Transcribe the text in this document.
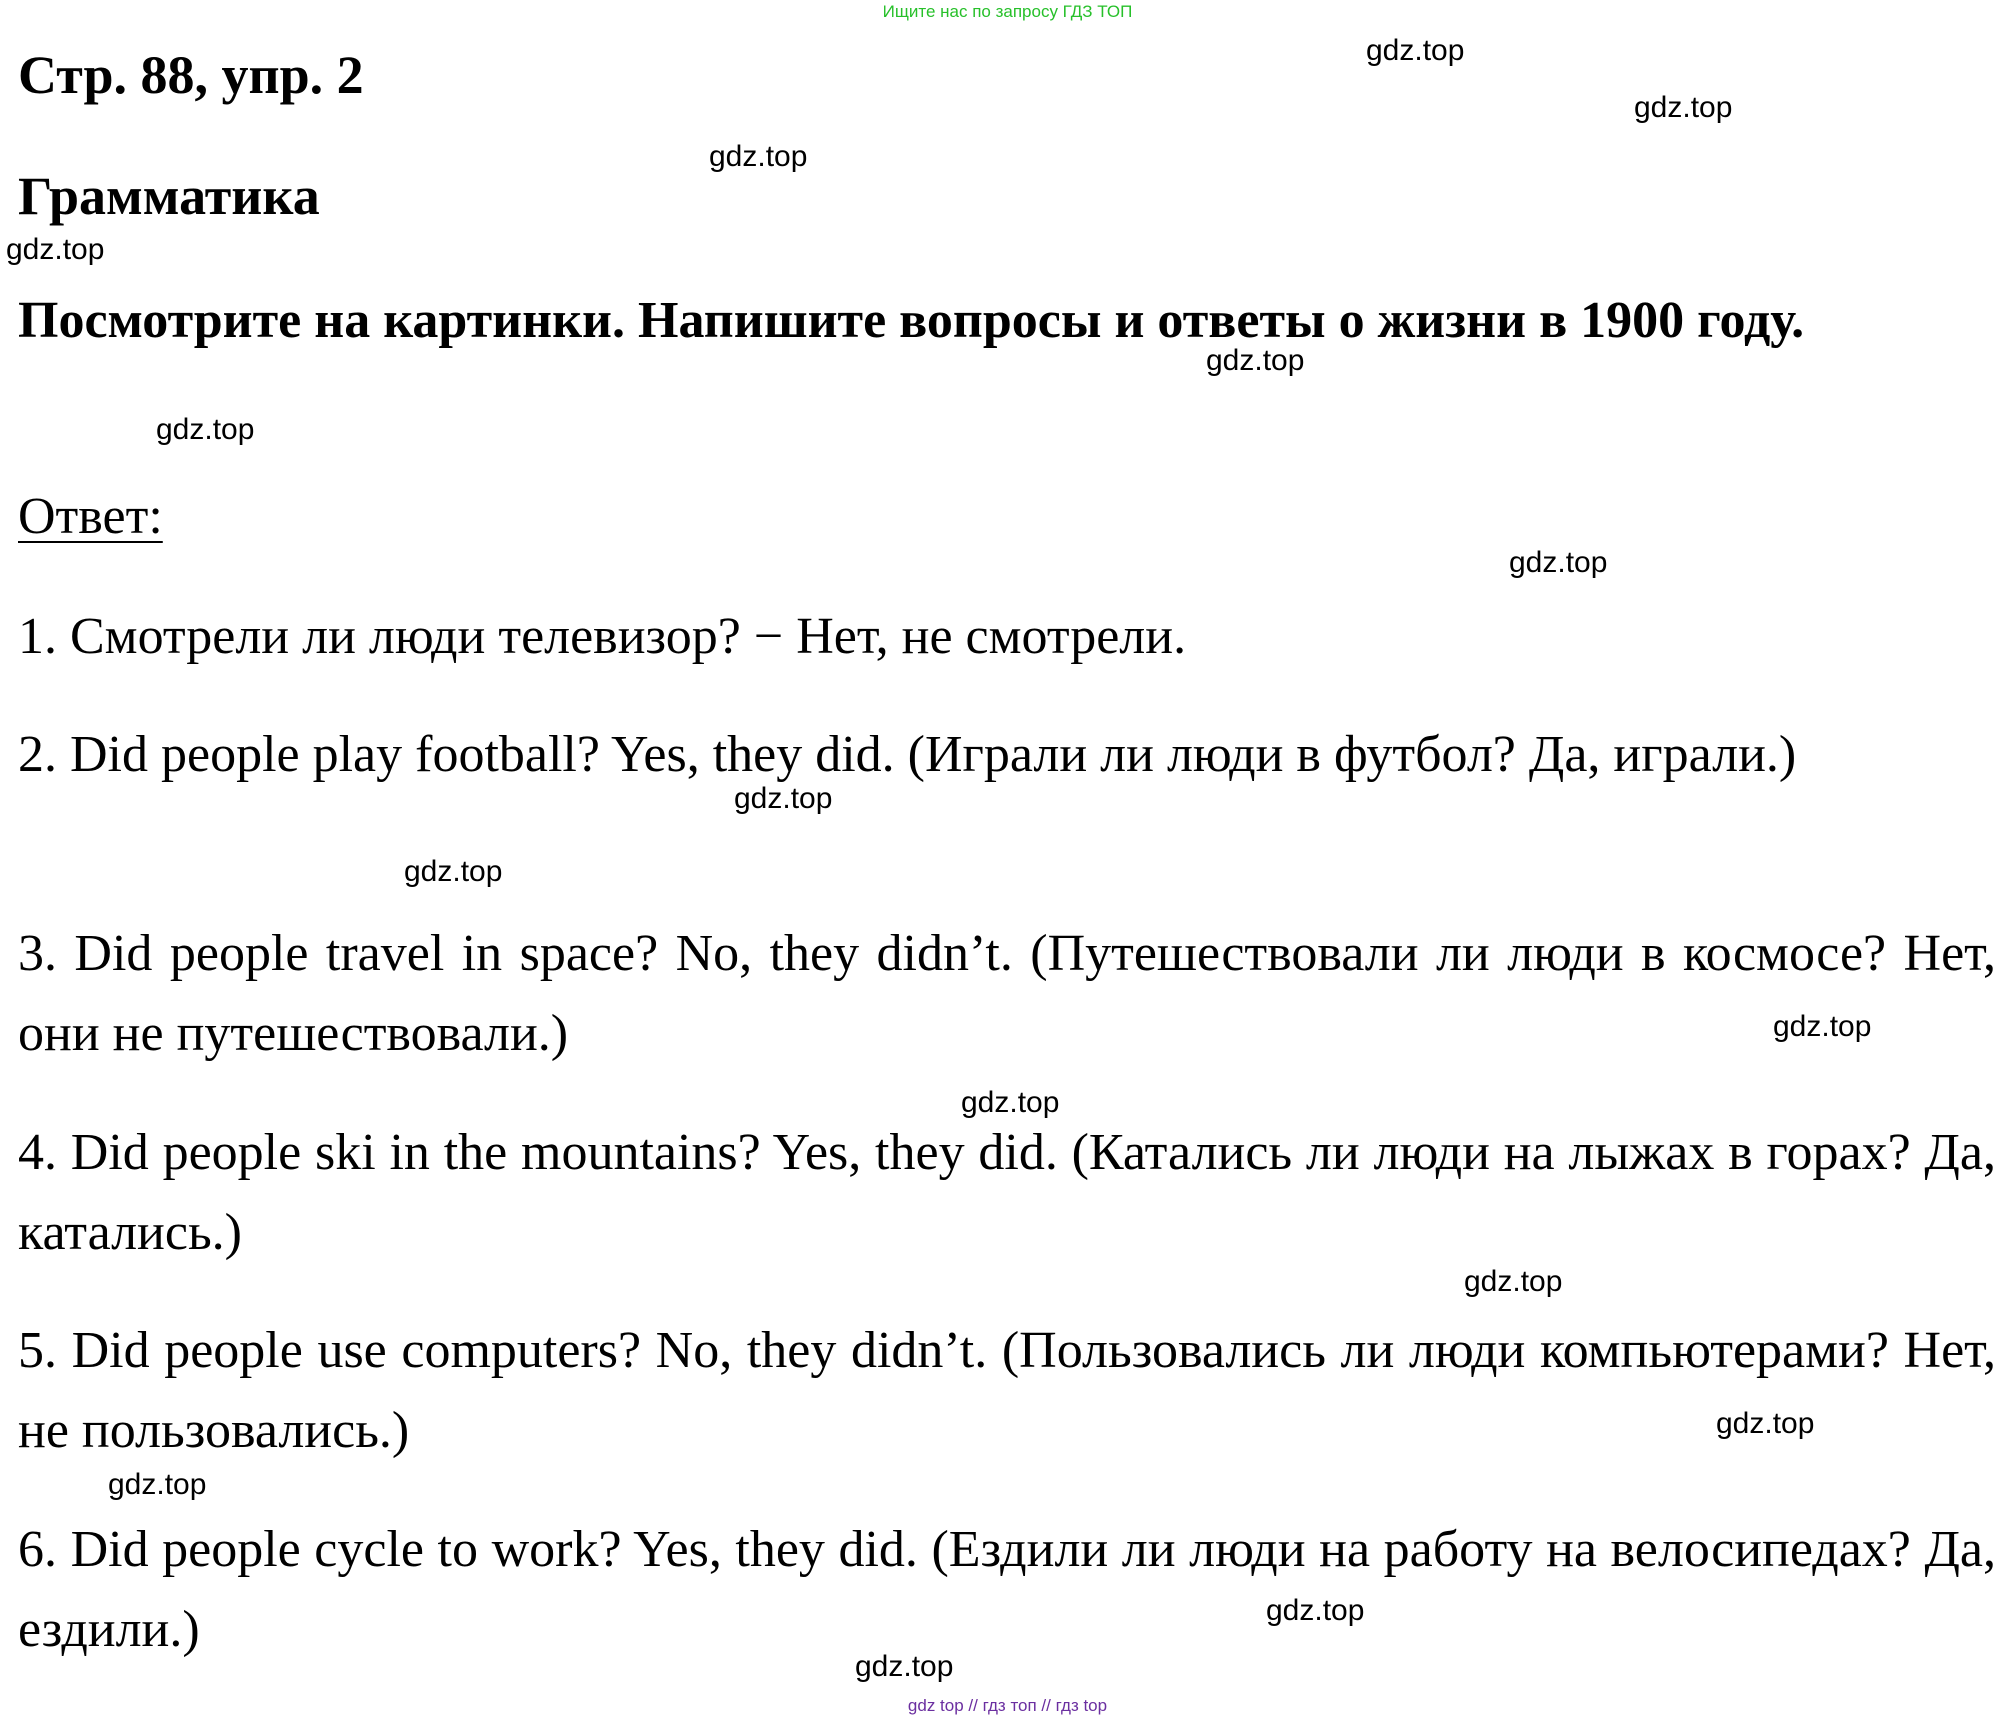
Ищите нас по запросу ГДЗ ТОП
Стр. 88, упр. 2
Грамматика

Посмотрите на картинки. Напишите вопросы и ответы о жизни в 1900 году.

Ответ:

1. Смотрели ли люди телевизор? − Нет, не смотрели.

2. Did people play football? Yes, they did. (Играли ли люди в футбол? Да, играли.)

3. Did people travel in space? No, they didn’t. (Путешествовали ли люди в космосе? Нет, они не путешествовали.)

4. Did people ski in the mountains? Yes, they did. (Катались ли люди на лыжах в горах? Да, катались.)

5. Did people use computers? No, they didn’t. (Пользовались ли люди компьютерами? Нет, не пользовались.)

6. Did people cycle to work? Yes, they did. (Ездили ли люди на работу на велосипедах? Да, ездили.)

gdz.top
gdz.top
gdz.top
gdz.top
gdz.top
gdz.top
gdz.top
gdz.top
gdz.top
gdz.top
gdz.top
gdz.top
gdz.top
gdz.top
gdz.top
gdz.top
gdz top // гдз топ // гдз top
